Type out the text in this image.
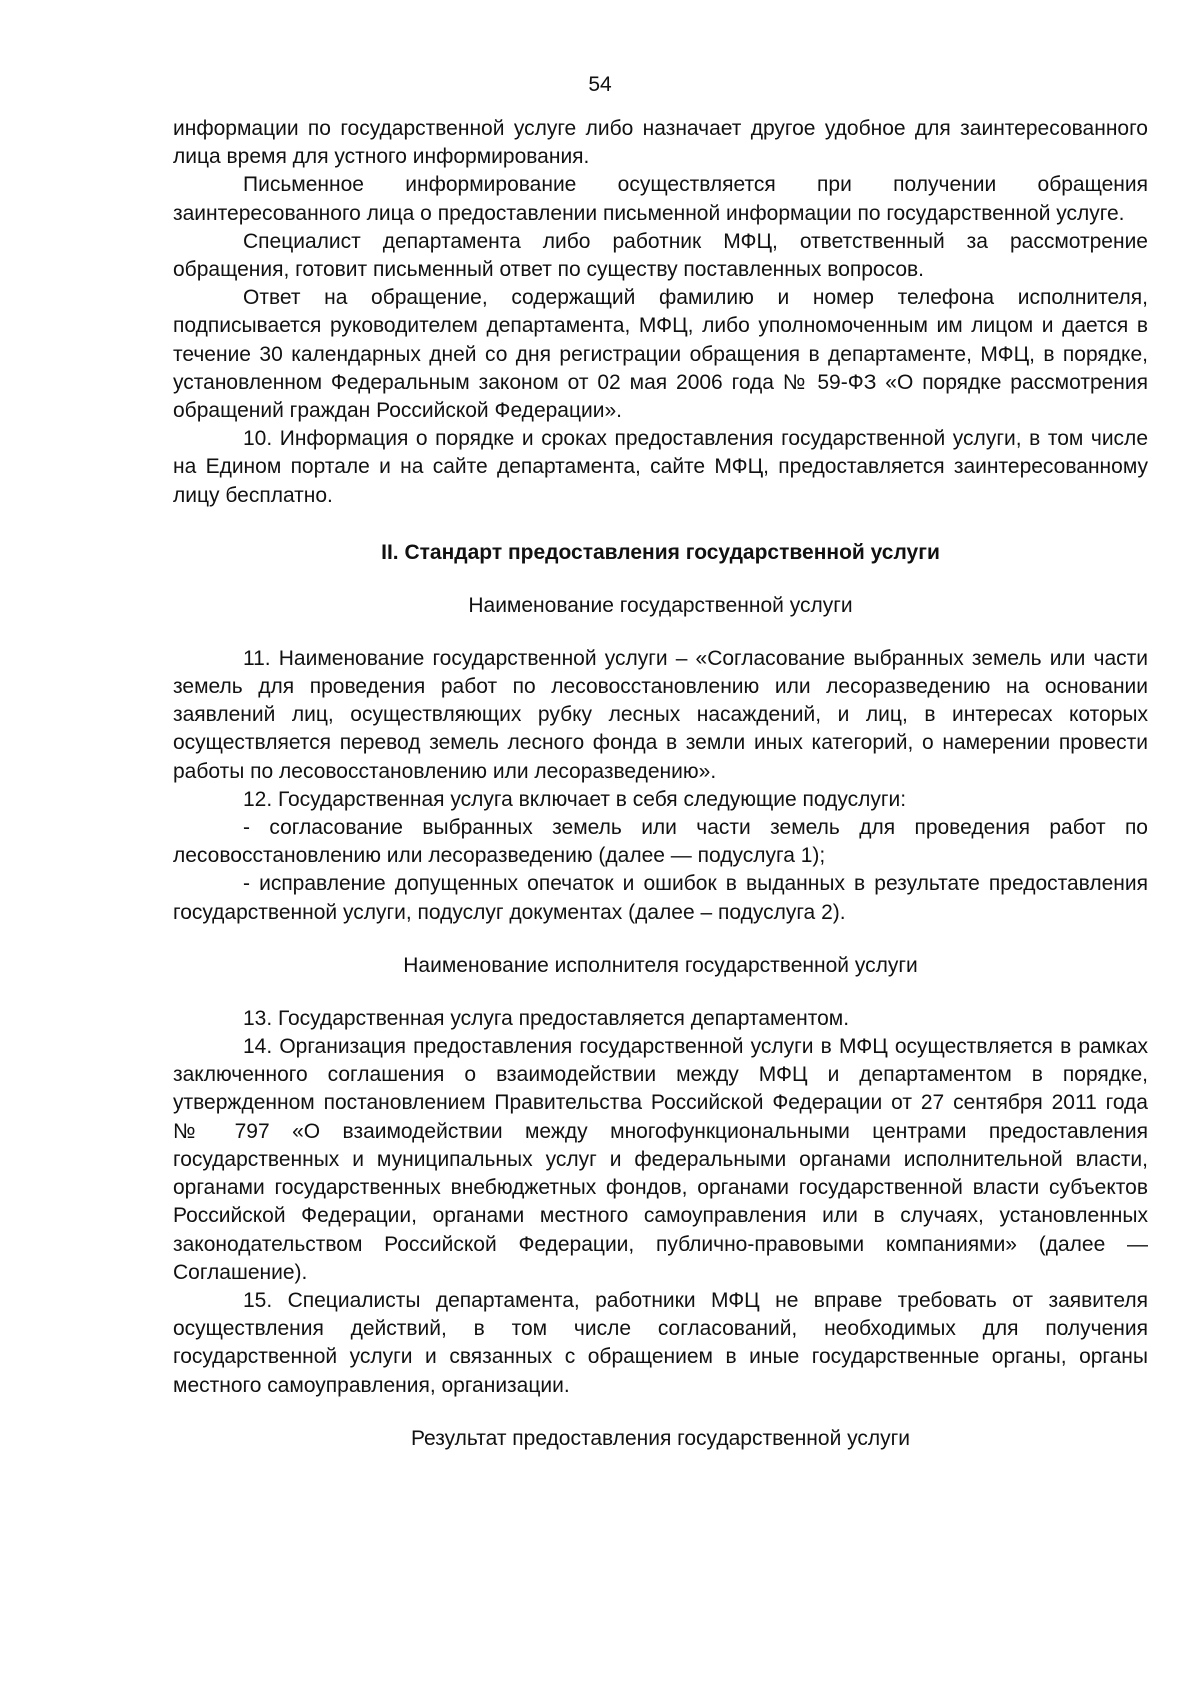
54

информации по государственной услуге либо назначает другое удобное для заинтересованного лица время для устного информирования.

Письменное информирование осуществляется при получении обращения заинтересованного лица о предоставлении письменной информации по государственной услуге.

Специалист департамента либо работник МФЦ, ответственный за рассмотрение обращения, готовит письменный ответ по существу поставленных вопросов.

Ответ на обращение, содержащий фамилию и номер телефона исполнителя, подписывается руководителем департамента, МФЦ, либо уполномоченным им лицом и дается в течение 30 календарных дней со дня регистрации обращения в департаменте, МФЦ, в порядке, установленном Федеральным законом от 02 мая 2006 года № 59-ФЗ «О порядке рассмотрения обращений граждан Российской Федерации».

10. Информация о порядке и сроках предоставления государственной услуги, в том числе на Едином портале и на сайте департамента, сайте МФЦ, предоставляется заинтересованному лицу бесплатно.

II. Стандарт предоставления государственной услуги
Наименование государственной услуги

11. Наименование государственной услуги – «Согласование выбранных земель или части земель для проведения работ по лесовосстановлению или лесоразведению на основании заявлений лиц, осуществляющих рубку лесных насаждений, и лиц, в интересах которых осуществляется перевод земель лесного фонда в земли иных категорий, о намерении провести работы по лесовосстановлению или лесоразведению».

12. Государственная услуга включает в себя следующие подуслуги:

- согласование выбранных земель или части земель для проведения работ по лесовосстановлению или лесоразведению (далее — подуслуга 1);

- исправление допущенных опечаток и ошибок в выданных в результате предоставления государственной услуги, подуслуг документах (далее – подуслуга 2).

Наименование исполнителя государственной услуги

13. Государственная услуга предоставляется департаментом.

14. Организация предоставления государственной услуги в МФЦ осуществляется в рамках заключенного соглашения о взаимодействии между МФЦ и департаментом в порядке, утвержденном постановлением Правительства Российской Федерации от 27 сентября 2011 года № 797 «О взаимодействии между многофункциональными центрами предоставления государственных и муниципальных услуг и федеральными органами исполнительной власти, органами государственных внебюджетных фондов, органами государственной власти субъектов Российской Федерации, органами местного самоуправления или в случаях, установленных законодательством Российской Федерации, публично-правовыми компаниями» (далее — Соглашение).

15. Специалисты департамента, работники МФЦ не вправе требовать от заявителя осуществления действий, в том числе согласований, необходимых для получения государственной услуги и связанных с обращением в иные государственные органы, органы местного самоуправления, организации.

Результат предоставления государственной услуги
